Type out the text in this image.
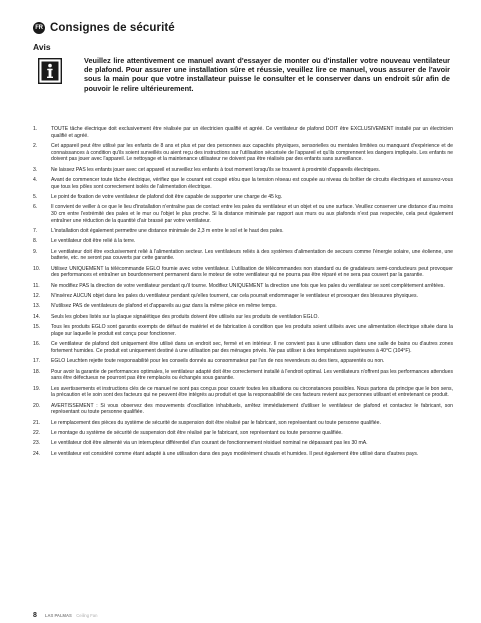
FR Consignes de sécurité
Avis
Veuillez lire attentivement ce manuel avant d'essayer de monter ou d'installer votre nouveau ventilateur de plafond. Pour assurer une installation sûre et réussie, veuillez lire ce manuel, vous assurer de l'avoir sous la main pour que votre installateur puisse le consulter et le conserver dans un endroit sûr afin de pouvoir le relire ultérieurement.
1.	TOUTE tâche électrique doit exclusivement être réalisée par un électricien qualifié et agréé. Ce ventilateur de plafond DOIT être EXCLUSIVEMENT installé par un électricien qualifié et agréé.
2.	Cet appareil peut être utilisé par les enfants de 8 ans et plus et par des personnes aux capacités physiques, sensorielles ou mentales limitées ou manquant d'expérience et de connaissances à condition qu'ils soient surveillés ou aient reçu des instructions sur l'utilisation sécurisée de l'appareil et qu'ils comprennent les dangers impliqués. Les enfants ne doivent pas jouer avec l'appareil. Le nettoyage et la maintenance utilisateur ne doivent pas être réalisés par des enfants sans surveillance.
3.	Ne laissez PAS les enfants jouer avec cet appareil et surveillez les enfants à tout moment lorsqu'ils se trouvent à proximité d'appareils électriques.
4.	Avant de commencer toute tâche électrique, vérifiez que le courant est coupé et/ou que la tension réseau est coupée au niveau du boîtier de circuits électriques et assurez-vous que tous les pôles sont correctement isolés de l'alimentation électrique.
5.	Le point de fixation de votre ventilateur de plafond doit être capable de supporter une charge de 45 kg.
6.	Il convient de veiller à ce que le lieu d'installation n'entraîne pas de contact entre les pales du ventilateur et un objet et ou une surface. Veuillez conserver une distance d'au moins 30 cm entre l'extrémité des pales et le mur ou l'objet le plus proche. Si la distance minimale par rapport aux murs ou aux plafonds n'est pas respectée, cela peut également entraîner une réduction de la quantité d'air brassé par votre ventilateur.
7.	L'installation doit également permettre une distance minimale de 2,3 m entre le sol et le haut des pales.
8.	Le ventilateur doit être relié à la terre.
9.	Le ventilateur doit être exclusivement relié à l'alimentation secteur. Les ventilateurs reliés à des systèmes d'alimentation de secours comme l'énergie solaire, une éolienne, une batterie, etc. ne seront pas couverts par cette garantie.
10.	Utilisez UNIQUEMENT la télécommande EGLO fournie avec votre ventilateur. L'utilisation de télécommandes non standard ou de gradateurs semi-conducteurs peut provoquer des performances et entraîner un bourdonnement permanent dans le moteur de votre ventilateur qui ne pourra pas être réparé et ne sera pas couvert par la garantie.
11.	Ne modifiez PAS la direction de votre ventilateur pendant qu'il tourne. Modifiez UNIQUEMENT la direction une fois que les pales du ventilateur se sont complètement arrêtées.
12.	N'insérez AUCUN objet dans les pales du ventilateur pendant qu'elles tournent, car cela pourrait endommager le ventilateur et provoquer des blessures physiques.
13.	N'utilisez PAS de ventilateurs de plafond et d'appareils au gaz dans la même pièce en même temps.
14.	Seuls les globes listés sur la plaque signalétique des produits doivent être utilisés sur les produits de ventilation EGLO.
15.	Tous les produits EGLO sont garantis exempts de défaut de matériel et de fabrication à condition que les produits soient utilisés avec une alimentation électrique située dans la plage sur laquelle le produit est conçu pour fonctionner.
16.	Ce ventilateur de plafond doit uniquement être utilisé dans un endroit sec, fermé et en intérieur. Il ne convient pas à une utilisation dans une salle de bains ou d'autres zones fortement humides. Ce produit est uniquement destiné à une utilisation par des ménages privés. Ne pas utiliser à des températures supérieures à 40°C (104°F).
17.	EGLO Leuchten rejette toute responsabilité pour les conseils donnés au consommateur par l'un de nos revendeurs ou des tiers, apparentés ou non.
18.	Pour avoir la garantie de performances optimales, le ventilateur adapté doit être correctement installé à l'endroit optimal. Les ventilateurs n'offrent pas les performances attendues sans être défectueux ne pourront pas être remplacés ou échangés sous garantie.
19.	Les avertissements et instructions clés de ce manuel ne sont pas conçus pour couvrir toutes les situations ou circonstances possibles. Nous partons du principe que le bon sens, la précaution et le soin sont des facteurs qui ne peuvent être intégrés au produit et que la responsabilité de ces facteurs revient aux personnes utilisant et entretenant ce produit.
20.	AVERTISSEMENT : Si vous observez des mouvements d'oscillation inhabituels, arrêtez immédiatement d'utiliser le ventilateur de plafond et contactez le fabricant, son représentant ou toute personne qualifiée.
21.	Le remplacement des pièces du système de sécurité de suspension doit être réalisé par le fabricant, son représentant ou toute personne qualifiée.
22.	Le montage du système de sécurité de suspension doit être réalisé par le fabricant, son représentant ou toute personne qualifiée.
23.	Le ventilateur doit être alimenté via un interrupteur différentiel d'un courant de fonctionnement résiduel nominal ne dépassant pas les 30 mA.
24.	Le ventilateur est considéré comme étant adapté à une utilisation dans des pays modérément chauds et humides. Il peut également être utilisé dans d'autres pays.
8 LAS PALMAS Ceiling Fan
